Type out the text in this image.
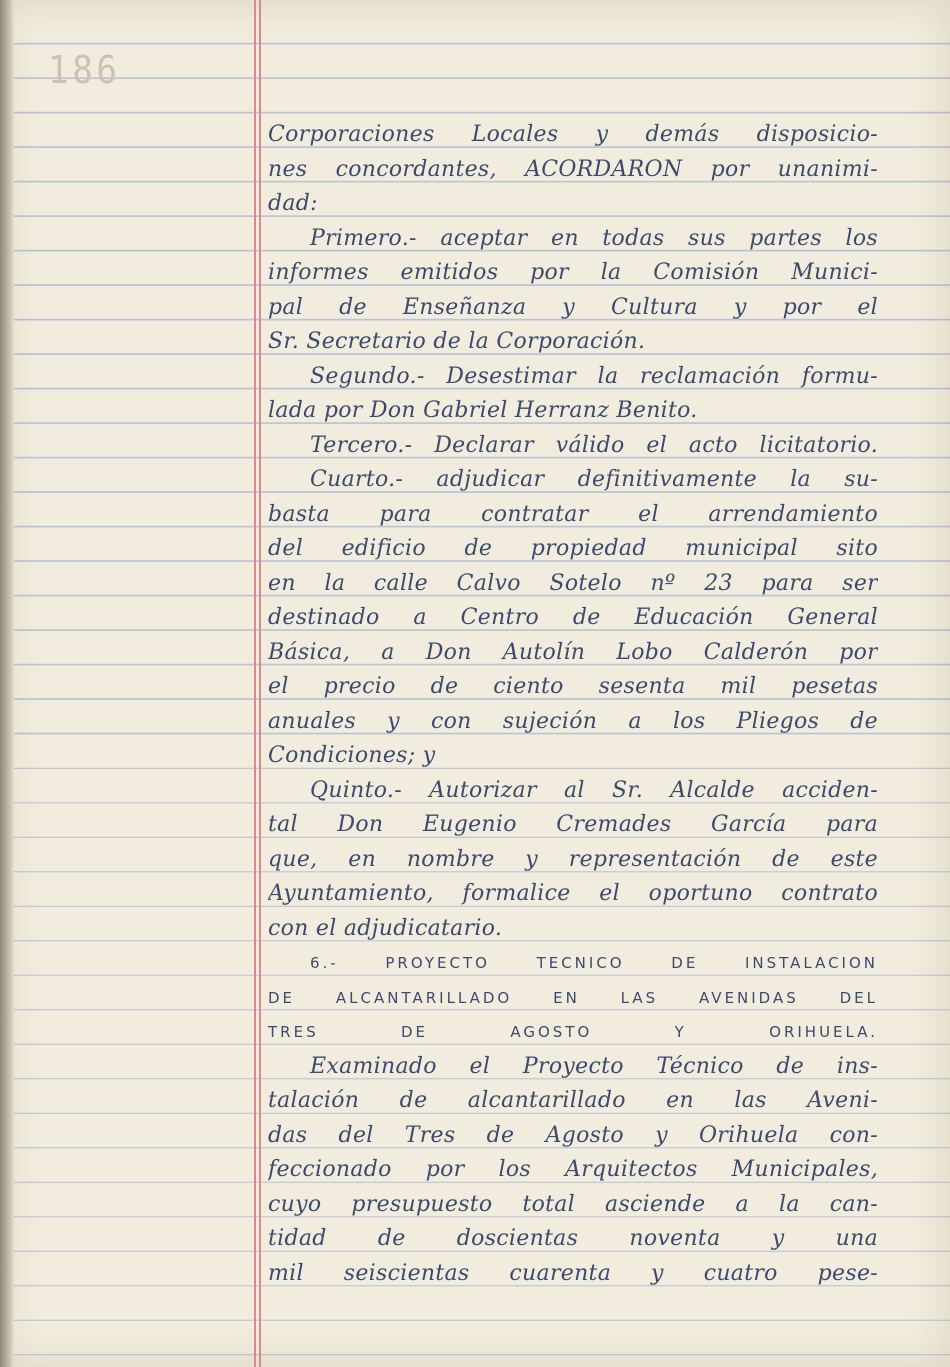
186
Corporaciones Locales y demás disposicio-
nes concordantes, ACORDARON por unanimi-
dad:
Primero.- aceptar en todas sus partes los
informes emitidos por la Comisión Munici-
pal de Enseñanza y Cultura y por el
Sr. Secretario de la Corporación.
Segundo.- Desestimar la reclamación formu-
lada por Don Gabriel Herranz Benito.
Tercero.- Declarar válido el acto licitatorio.
Cuarto.- adjudicar definitivamente la su-
basta para contratar el arrendamiento
del edificio de propiedad municipal sito
en la calle Calvo Sotelo nº 23 para ser
destinado a Centro de Educación General
Básica, a Don Autolín Lobo Calderón por
el precio de ciento sesenta mil pesetas
anuales y con sujeción a los Pliegos de
Condiciones; y
Quinto.- Autorizar al Sr. Alcalde acciden-
tal Don Eugenio Cremades García para
que, en nombre y representación de este
Ayuntamiento, formalice el oportuno contrato
con el adjudicatario.
6.- PROYECTO TECNICO DE INSTALACION
DE ALCANTARILLADO EN LAS AVENIDAS DEL
TRES DE AGOSTO Y ORIHUELA.
Examinado el Proyecto Técnico de ins-
talación de alcantarillado en las Aveni-
das del Tres de Agosto y Orihuela con-
feccionado por los Arquitectos Municipales,
cuyo presupuesto total asciende a la can-
tidad de doscientas noventa y una
mil seiscientas cuarenta y cuatro pese-
